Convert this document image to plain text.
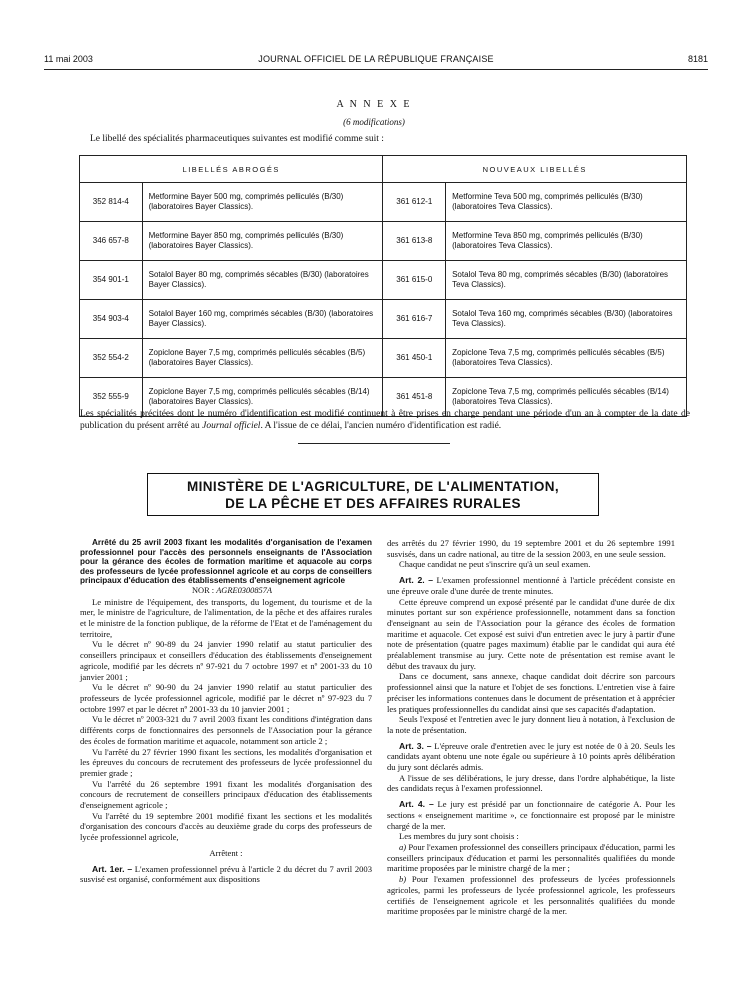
11 mai 2003	JOURNAL OFFICIEL DE LA RÉPUBLIQUE FRANÇAISE	8181
A N N E X E
(6 modifications)
Le libellé des spécialités pharmaceutiques suivantes est modifié comme suit :
LIBELLÉS ABROGÉS		NOUVEAUX LIBELLÉS	
352 814-4	Metformine Bayer 500 mg, comprimés pelliculés (B/30) (laboratoires Bayer Classics).	361 612-1	Metformine Teva 500 mg, comprimés pelliculés (B/30) (laboratoires Teva Classics).
346 657-8	Metformine Bayer 850 mg, comprimés pelliculés (B/30) (laboratoires Bayer Classics).	361 613-8	Metformine Teva 850 mg, comprimés pelliculés (B/30) (laboratoires Teva Classics).
354 901-1	Sotalol Bayer 80 mg, comprimés sécables (B/30) (laboratoires Bayer Classics).	361 615-0	Sotalol Teva 80 mg, comprimés sécables (B/30) (laboratoires Teva Classics).
354 903-4	Sotalol Bayer 160 mg, comprimés sécables (B/30) (laboratoires Bayer Classics).	361 616-7	Sotalol Teva 160 mg, comprimés sécables (B/30) (laboratoires Teva Classics).
352 554-2	Zopiclone Bayer 7,5 mg, comprimés pelliculés sécables (B/5) (laboratoires Bayer Classics).	361 450-1	Zopiclone Teva 7,5 mg, comprimés pelliculés sécables (B/5) (laboratoires Teva Classics).
352 555-9	Zopiclone Bayer 7,5 mg, comprimés pelliculés sécables (B/14) (laboratoires Bayer Classics).	361 451-8	Zopiclone Teva 7,5 mg, comprimés pelliculés sécables (B/14) (laboratoires Teva Classics).
Les spécialités précitées dont le numéro d'identification est modifié continuent à être prises en charge pendant une période d'un an à compter de la date de publication du présent arrêté au Journal officiel. A l'issue de ce délai, l'ancien numéro d'identification est radié.
MINISTÈRE DE L'AGRICULTURE, DE L'ALIMENTATION,
DE LA PÊCHE ET DES AFFAIRES RURALES

Arrêté du 25 avril 2003 fixant les modalités d'organisation de l'examen professionnel pour l'accès des personnels enseignants de l'Association pour la gérance des écoles de formation maritime et aquacole au corps des professeurs de lycée professionnel agricole et au corps de conseillers principaux d'éducation des établissements d'enseignement agricole

NOR : AGRE0300857A

Le ministre de l'équipement, des transports, du logement, du tourisme et de la mer, le ministre de l'agriculture, de l'alimentation, de la pêche et des affaires rurales et le ministre de la fonction publique, de la réforme de l'Etat et de l'aménagement du territoire,

Vu le décret nº 90-89 du 24 janvier 1990 relatif au statut particulier des conseillers principaux et conseillers d'éducation des établissements d'enseignement agricole, modifié par les décrets nº 97-921 du 7 octobre 1997 et nº 2001-33 du 10 janvier 2001 ;

Vu le décret nº 90-90 du 24 janvier 1990 relatif au statut particulier des professeurs de lycée professionnel agricole, modifié par le décret nº 97-923 du 7 octobre 1997 et par le décret nº 2001-33 du 10 janvier 2001 ;

Vu le décret nº 2003-321 du 7 avril 2003 fixant les conditions d'intégration dans différents corps de fonctionnaires des personnels de l'Association pour la gérance des écoles de formation maritime et aquacole, notamment son article 2 ;

Vu l'arrêté du 27 février 1990 fixant les sections, les modalités d'organisation et les épreuves du concours de recrutement des professeurs de lycée professionnel du premier grade ;

Vu l'arrêté du 26 septembre 1991 fixant les modalités d'organisation des concours de recrutement de conseillers principaux d'éducation des établissements d'enseignement agricole ;

Vu l'arrêté du 19 septembre 2001 modifié fixant les sections et les modalités d'organisation des concours d'accès au deuxième grade du corps des professeurs de lycée professionnel agricole,

Arrêtent :

Art. 1er. – L'examen professionnel prévu à l'article 2 du décret du 7 avril 2003 susvisé est organisé, conformément aux dispositions

des arrêtés du 27 février 1990, du 19 septembre 2001 et du 26 septembre 1991 susvisés, dans un cadre national, au titre de la session 2003, en une seule session.

Chaque candidat ne peut s'inscrire qu'à un seul examen.

Art. 2. – L'examen professionnel mentionné à l'article précédent consiste en une épreuve orale d'une durée de trente minutes.

Cette épreuve comprend un exposé présenté par le candidat d'une durée de dix minutes portant sur son expérience professionnelle, notamment dans sa fonction d'enseignant au sein de l'Association pour la gérance des écoles de formation maritime et aquacole. Cet exposé est suivi d'un entretien avec le jury à partir d'une note de présentation (quatre pages maximum) établie par le candidat qui aura été préalablement transmise au jury. Cette note de présentation est remise avant le début des travaux du jury.

Dans ce document, sans annexe, chaque candidat doit décrire son parcours professionnel ainsi que la nature et l'objet de ses fonctions. L'entretien vise à faire préciser les informations contenues dans le document de présentation et à apprécier les pratiques professionnelles du candidat ainsi que ses capacités d'adaptation.

Seuls l'exposé et l'entretien avec le jury donnent lieu à notation, à l'exclusion de la note de présentation.

Art. 3. – L'épreuve orale d'entretien avec le jury est notée de 0 à 20. Seuls les candidats ayant obtenu une note égale ou supérieure à 10 points après délibération du jury sont déclarés admis.

A l'issue de ses délibérations, le jury dresse, dans l'ordre alphabétique, la liste des candidats reçus à l'examen professionnel.

Art. 4. – Le jury est présidé par un fonctionnaire de catégorie A. Pour les sections « enseignement maritime », ce fonctionnaire est proposé par le ministre chargé de la mer.

Les membres du jury sont choisis :

a) Pour l'examen professionnel des conseillers principaux d'éducation, parmi les conseillers principaux d'éducation et parmi les personnalités qualifiées du monde maritime proposées par le ministre chargé de la mer ;

b) Pour l'examen professionnel des professeurs de lycées professionnels agricoles, parmi les professeurs de lycée professionnel agricole, les professeurs certifiés de l'enseignement agricole et les personnalités qualifiées du monde maritime proposées par le ministre chargé de la mer.
